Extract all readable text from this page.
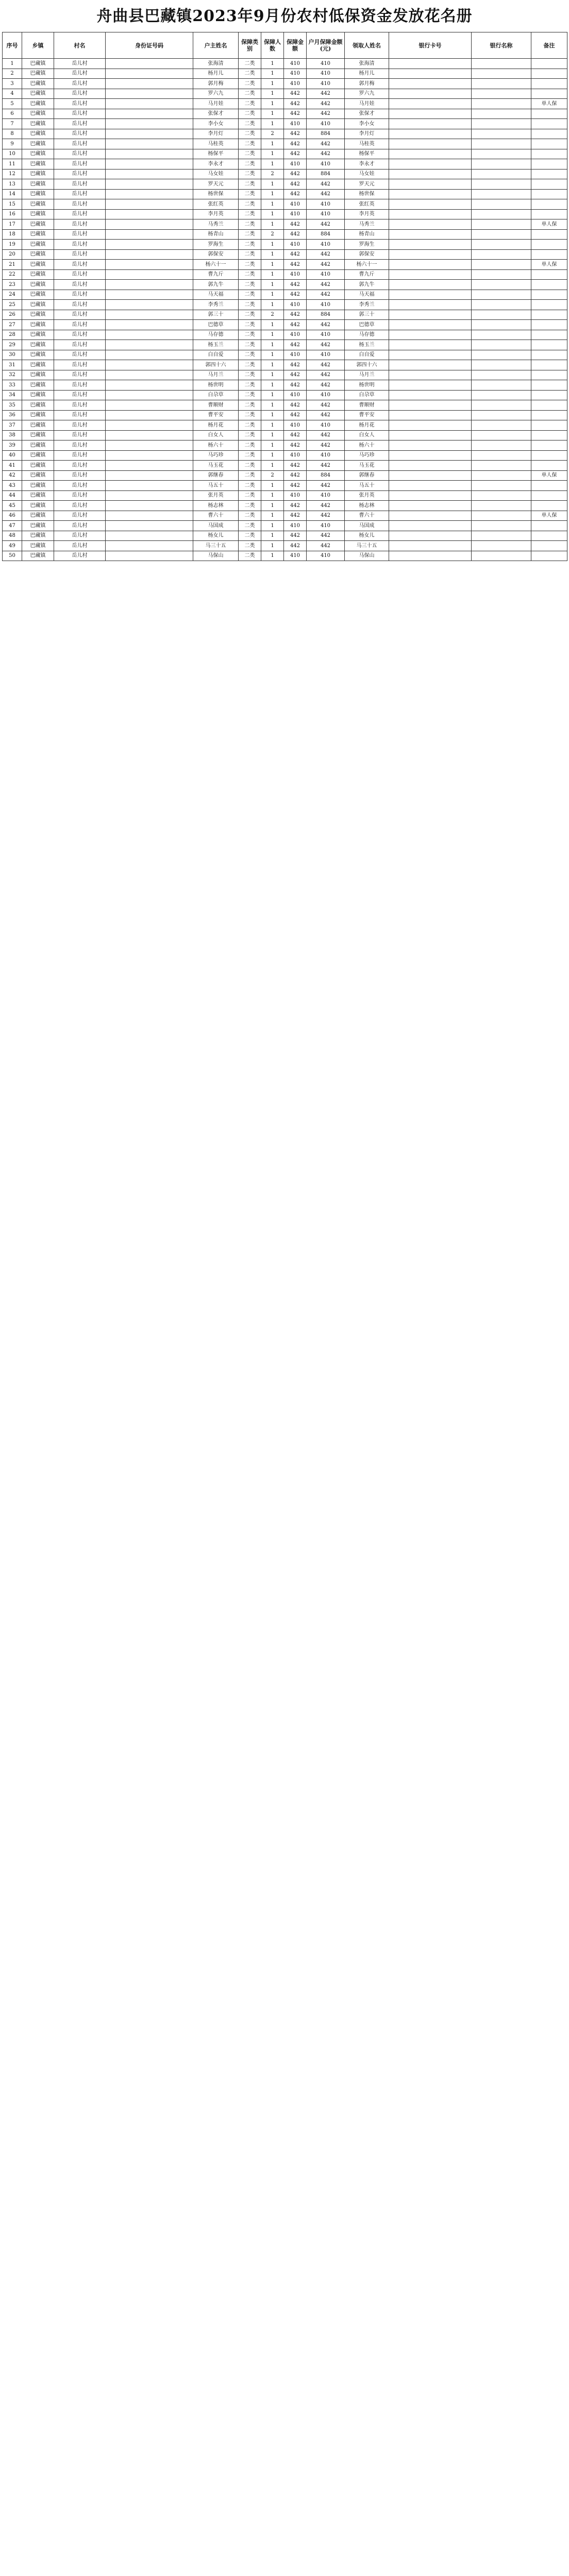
舟曲县巴藏镇2023年9月份农村低保资金发放花名册
序号	乡镇	村名	身份证号码	户主姓名	保障类别	保障人数	保障金额	户月保障金额(元)	领取人姓名	银行卡号	银行名称	备注
1	巴藏镇	岳儿村		张海清	二类	1	410	410	张海清			
2	巴藏镇	岳儿村		杨月儿	二类	1	410	410	杨月儿			
3	巴藏镇	岳儿村		郭月梅	二类	1	410	410	郭月梅			
4	巴藏镇	岳儿村		罗六九	二类	1	442	442	罗六九			
5	巴藏镇	岳儿村		马月娃	二类	1	442	442	马月娃			单人保
6	巴藏镇	岳儿村		张保才	二类	1	442	442	张保才			
7	巴藏镇	岳儿村		李小女	二类	1	410	410	李小女			
8	巴藏镇	岳儿村		李月灯	二类	2	442	884	李月灯			
9	巴藏镇	岳儿村		马桂英	二类	1	442	442	马桂英			
10	巴藏镇	岳儿村		杨保平	二类	1	442	442	杨保平			
11	巴藏镇	岳儿村		李永才	二类	1	410	410	李永才			
12	巴藏镇	岳儿村		马女娃	二类	2	442	884	马女娃			
13	巴藏镇	岳儿村		罗天元	二类	1	442	442	罗天元			
14	巴藏镇	岳儿村		杨世保	二类	1	442	442	杨世保			
15	巴藏镇	岳儿村		张红英	二类	1	410	410	张红英			
16	巴藏镇	岳儿村		李月英	二类	1	410	410	李月英			
17	巴藏镇	岳儿村		马秀兰	二类	1	442	442	马秀兰			单人保
18	巴藏镇	岳儿村		杨青山	二类	2	442	884	杨青山			
19	巴藏镇	岳儿村		罗海生	二类	1	410	410	罗海生			
20	巴藏镇	岳儿村		郭保安	二类	1	442	442	郭保安			
21	巴藏镇	岳儿村		杨六十一	二类	1	442	442	杨六十一			单人保
22	巴藏镇	岳儿村		曹九斤	二类	1	410	410	曹九斤			
23	巴藏镇	岳儿村		郭九牛	二类	1	442	442	郭九牛			
24	巴藏镇	岳儿村		马天福	二类	1	442	442	马天福			
25	巴藏镇	岳儿村		李秀兰	二类	1	410	410	李秀兰			
26	巴藏镇	岳儿村		郭三十	二类	2	442	884	郭三十			
27	巴藏镇	岳儿村		巴德草	二类	1	442	442	巴德草			
28	巴藏镇	岳儿村		马存德	二类	1	410	410	马存德			
29	巴藏镇	岳儿村		杨玉兰	二类	1	442	442	杨玉兰			
30	巴藏镇	岳儿村		白自爱	二类	1	410	410	白自爱			
31	巴藏镇	岳儿村		郭四十六	二类	1	442	442	郭四十六			
32	巴藏镇	岳儿村		马月兰	二类	1	442	442	马月兰			
33	巴藏镇	岳儿村		杨世明	二类	1	442	442	杨世明			
34	巴藏镇	岳儿村		白尕草	二类	1	410	410	白尕草			
35	巴藏镇	岳儿村		曹顺财	二类	1	442	442	曹顺财			
36	巴藏镇	岳儿村		曹平安	二类	1	442	442	曹平安			
37	巴藏镇	岳儿村		杨月花	二类	1	410	410	杨月花			
38	巴藏镇	岳儿村		白女人	二类	1	442	442	白女人			
39	巴藏镇	岳儿村		杨六十	二类	1	442	442	杨六十			
40	巴藏镇	岳儿村		马巧珍	二类	1	410	410	马巧珍			
41	巴藏镇	岳儿村		马玉花	二类	1	442	442	马玉花			
42	巴藏镇	岳儿村		郭继春	二类	2	442	884	郭继春			单人保
43	巴藏镇	岳儿村		马五十	二类	1	442	442	马五十			
44	巴藏镇	岳儿村		张月英	二类	1	410	410	张月英			
45	巴藏镇	岳儿村		杨志林	二类	1	442	442	杨志林			
46	巴藏镇	岳儿村		曹六十	二类	1	442	442	曹六十			单人保
47	巴藏镇	岳儿村		马国成	二类	1	410	410	马国成			
48	巴藏镇	岳儿村		杨女儿	二类	1	442	442	杨女儿			
49	巴藏镇	岳儿村		马三十五	二类	1	442	442	马三十五			
50	巴藏镇	岳儿村		马保山	二类	1	410	410	马保山			
